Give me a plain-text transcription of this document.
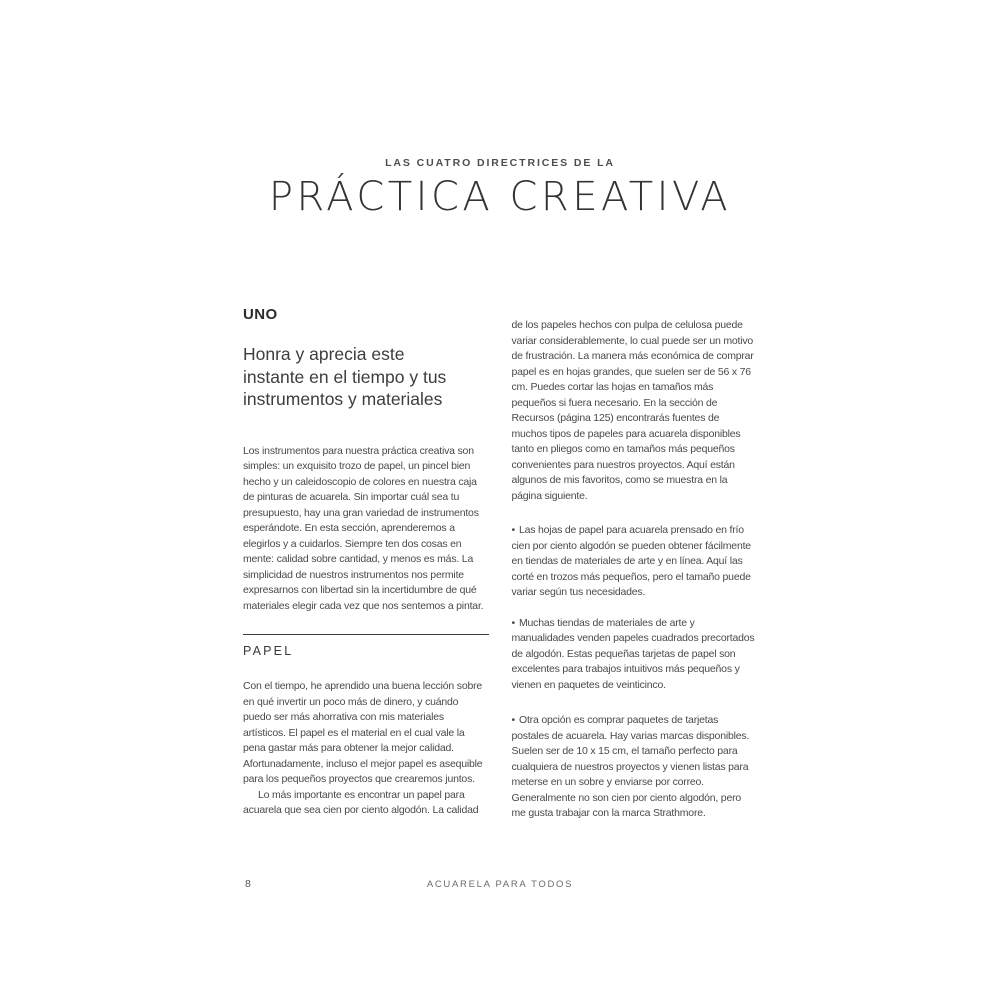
LAS CUATRO DIRECTRICES DE LA
PRÁCTICA CREATIVA
UNO
Honra y aprecia este
instante en el tiempo y tus
instrumentos y materiales

Los instrumentos para nuestra práctica creativa son simples: un exquisito trozo de papel, un pincel bien hecho y un caleidoscopio de colores en nuestra caja de pinturas de acuarela. Sin importar cuál sea tu presupuesto, hay una gran variedad de instrumentos esperándote. En esta sección, aprenderemos a elegirlos y a cuidarlos. Siempre ten dos cosas en mente: calidad sobre cantidad, y menos es más. La simplicidad de nuestros instrumentos nos permite expresarnos con libertad sin la incertidumbre de qué materiales elegir cada vez que nos sentemos a pintar.

PAPEL

Con el tiempo, he aprendido una buena lección sobre en qué invertir un poco más de dinero, y cuándo puedo ser más ahorrativa con mis materiales artísticos. El papel es el material en el cual vale la pena gastar más para obtener la mejor calidad. Afortunadamente, incluso el mejor papel es asequible para los pequeños proyectos que crearemos juntos.

Lo más importante es encontrar un papel para acuarela que sea cien por ciento algodón. La calidad

de los papeles hechos con pulpa de celulosa puede variar considerablemente, lo cual puede ser un motivo de frustración. La manera más económica de comprar papel es en hojas grandes, que suelen ser de 56 x 76 cm. Puedes cortar las hojas en tamaños más pequeños si fuera necesario. En la sección de Recursos (página 125) encontrarás fuentes de muchos tipos de papeles para acuarela disponibles tanto en pliegos como en tamaños más pequeños convenientes para nuestros proyectos. Aquí están algunos de mis favoritos, como se muestra en la página siguiente.

• Las hojas de papel para acuarela prensado en frío cien por ciento algodón se pueden obtener fácilmente en tiendas de materiales de arte y en línea. Aquí las corté en trozos más pequeños, pero el tamaño puede variar según tus necesidades.

• Muchas tiendas de materiales de arte y manualidades venden papeles cuadrados precortados de algodón. Estas pequeñas tarjetas de papel son excelentes para trabajos intuitivos más pequeños y vienen en paquetes de veinticinco.

• Otra opción es comprar paquetes de tarjetas postales de acuarela. Hay varias marcas disponibles. Suelen ser de 10 x 15 cm, el tamaño perfecto para cualquiera de nuestros proyectos y vienen listas para meterse en un sobre y enviarse por correo. Generalmente no son cien por ciento algodón, pero me gusta trabajar con la marca Strathmore.

8	ACUARELA PARA TODOS
